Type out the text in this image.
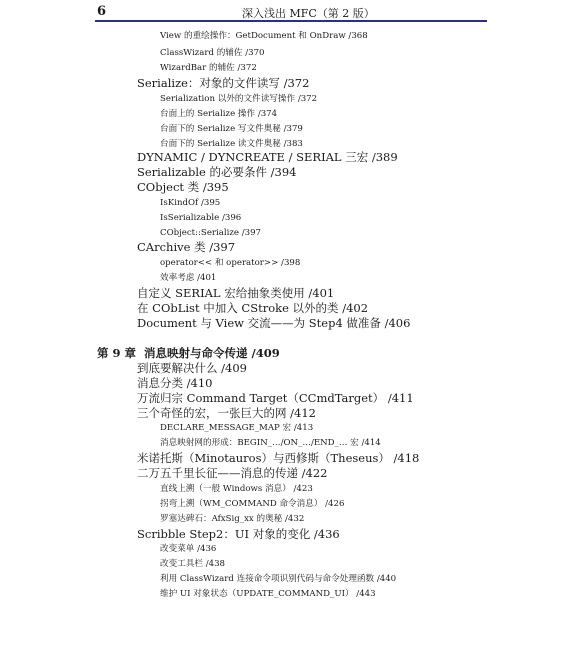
6	深入浅出 MFC（第 2 版）
View 的重绘操作：GetDocument 和 OnDraw /368
ClassWizard 的辅佐 /370
WizardBar 的辅佐 /372
Serialize：对象的文件读写 /372
Serialization 以外的文件读写操作 /372
台面上的 Serialize 操作 /374
台面下的 Serialize 写文件奥秘 /379
台面下的 Serialize 读文件奥秘 /383
DYNAMIC / DYNCREATE / SERIAL 三宏 /389
Serializable 的必要条件 /394
CObject 类 /395
IsKindOf /395
IsSerializable /396
CObject::Serialize /397
CArchive 类 /397
operator<< 和 operator>> /398
效率考虑 /401
自定义 SERIAL 宏给抽象类使用 /401
在 CObList 中加入 CStroke 以外的类 /402
Document 与 View 交流——为 Step4 做准备 /406
第 9 章 消息映射与命令传递 /409
到底要解决什么 /409
消息分类 /410
万流归宗 Command Target（CCmdTarget） /411
三个奇怪的宏，一张巨大的网 /412
DECLARE_MESSAGE_MAP 宏 /413
消息映射网的形成：BEGIN_…/ON_…/END_… 宏 /414
米诺托斯（Minotauros）与西修斯（Theseus） /418
二万五千里长征——消息的传递 /422
直线上溯（一般 Windows 消息） /423
拐弯上溯（WM_COMMAND 命令消息） /426
罗塞达碑石：AfxSig_xx 的奥秘 /432
Scribble Step2：UI 对象的变化 /436
改变菜单 /436
改变工具栏 /438
利用 ClassWizard 连接命令项识别代码与命令处理函数 /440
维护 UI 对象状态（UPDATE_COMMAND_UI） /443
